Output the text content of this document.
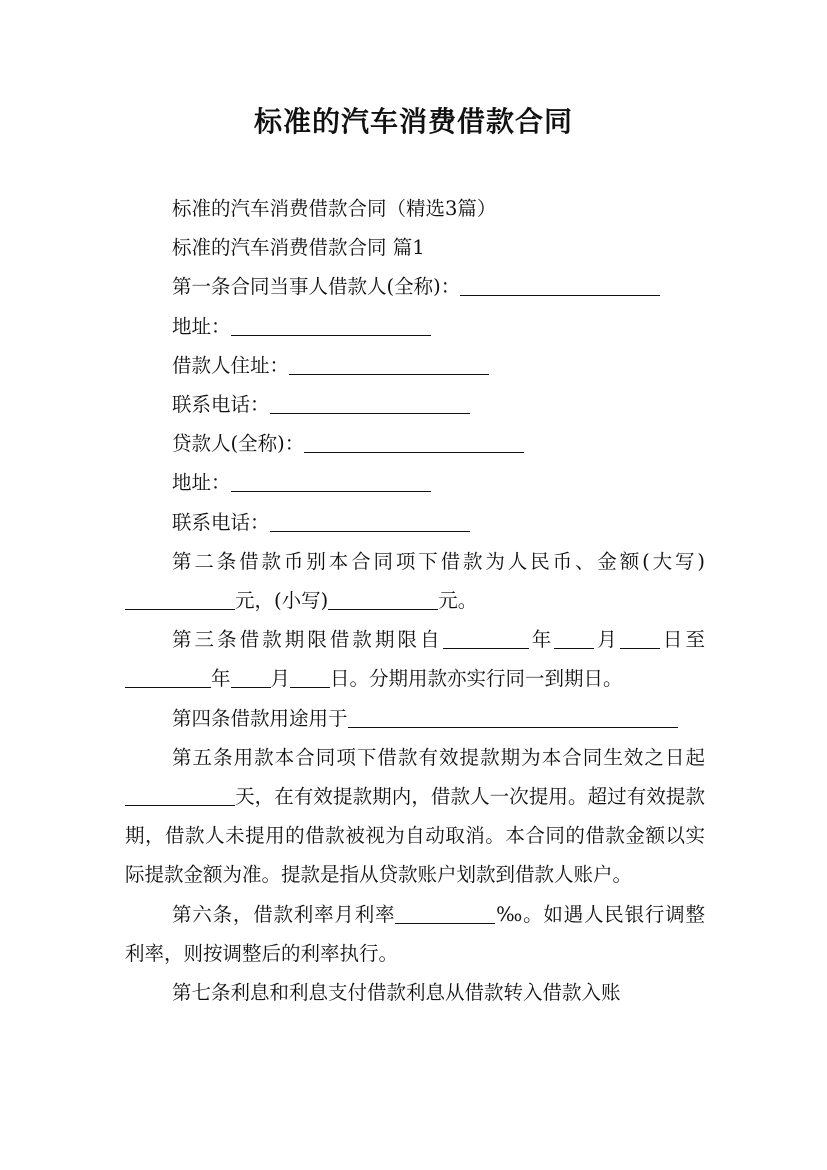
标准的汽车消费借款合同
标准的汽车消费借款合同（精选3篇）
标准的汽车消费借款合同 篇1
第一条合同当事人借款人(全称)：
地址：
借款人住址：
联系电话：
贷款人(全称)：
地址：
联系电话：
第二条借款币别本合同项下借款为人民币、金额(大写)元，(小写)	元。
第三条借款期限借款期限自	年 月 日至年 月 日。分期用款亦实行同一到期日。
第四条借款用途用于
第五条用款本合同项下借款有效提款期为本合同生效之日起天，在有效提款期内，借款人一次提用。超过有效提款期，借款人未提用的借款被视为自动取消。本合同的借款金额以实际提款金额为准。提款是指从贷款账户划款到借款人账户。
第六条，借款利率月利率	‰。如遇人民银行调整利率，则按调整后的利率执行。
第七条利息和利息支付借款利息从借款转入借款入账
